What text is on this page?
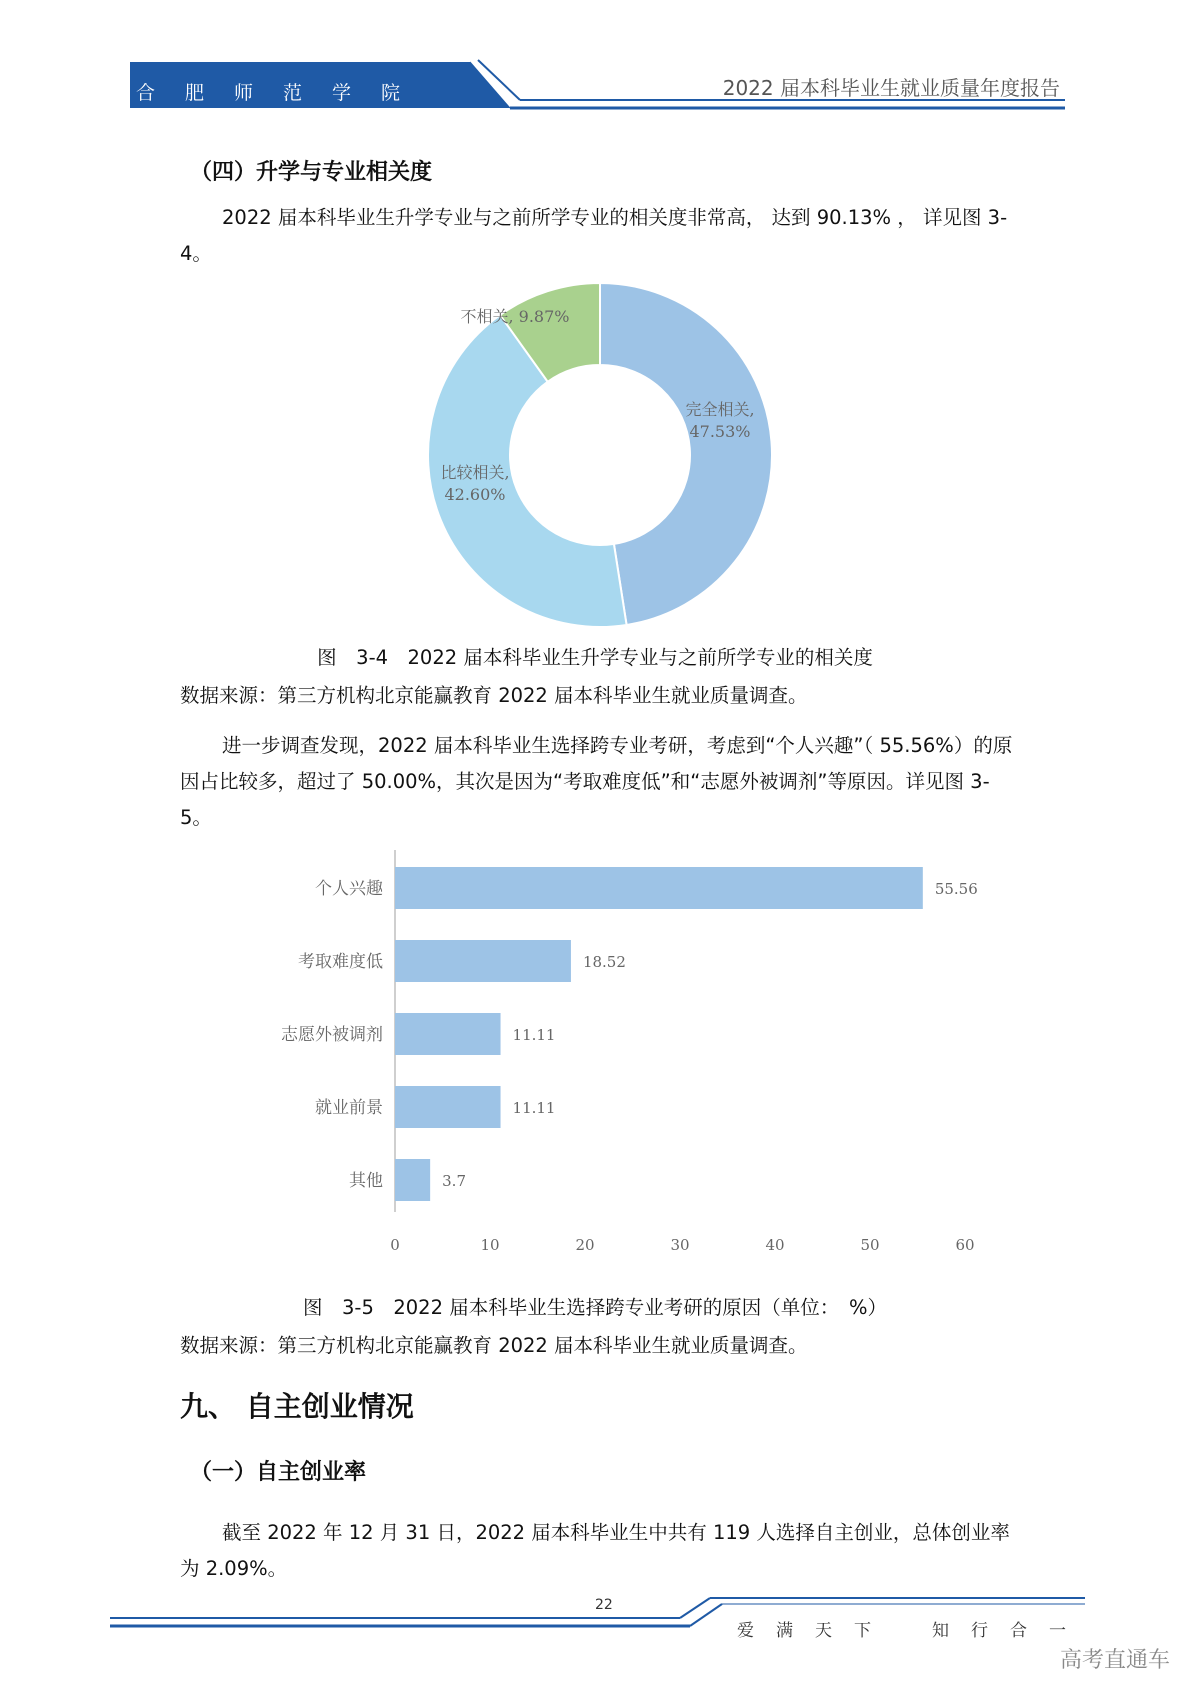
合肥师范学院	2022 届本科毕业生就业质量年度报告
（四）升学与专业相关度

2022 届本科毕业生升学专业与之前所学专业的相关度非常高， 达到 90.13% ， 详见图 3-4。

完全相关,
47.53%
比较相关,
42.60%
不相关, 9.87%
图　3-4　2022 届本科毕业生升学专业与之前所学专业的相关度
数据来源：第三方机构北京能赢教育 2022 届本科毕业生就业质量调查。

进一步调查发现，2022 届本科毕业生选择跨专业考研，考虑到“个人兴趣”（ 55.56%）的原因占比较多，超过了 50.00%，其次是因为“考取难度低”和“志愿外被调剂”等原因。详见图 3-5。

个人兴趣	55.56
考取难度低	18.52
志愿外被调剂	11.11
就业前景	11.11
其他	3.7
0	10	20	30	40	50	60
图　3-5　2022 届本科毕业生选择跨专业考研的原因（单位：　%）
数据来源：第三方机构北京能赢教育 2022 届本科毕业生就业质量调查。
九、 自主创业情况
（一）自主创业率

截至 2022 年 12 月 31 日，2022 届本科毕业生中共有 119 人选择自主创业，总体创业率为 2.09%。

22
爱满天下　知行合一
高考直通车
